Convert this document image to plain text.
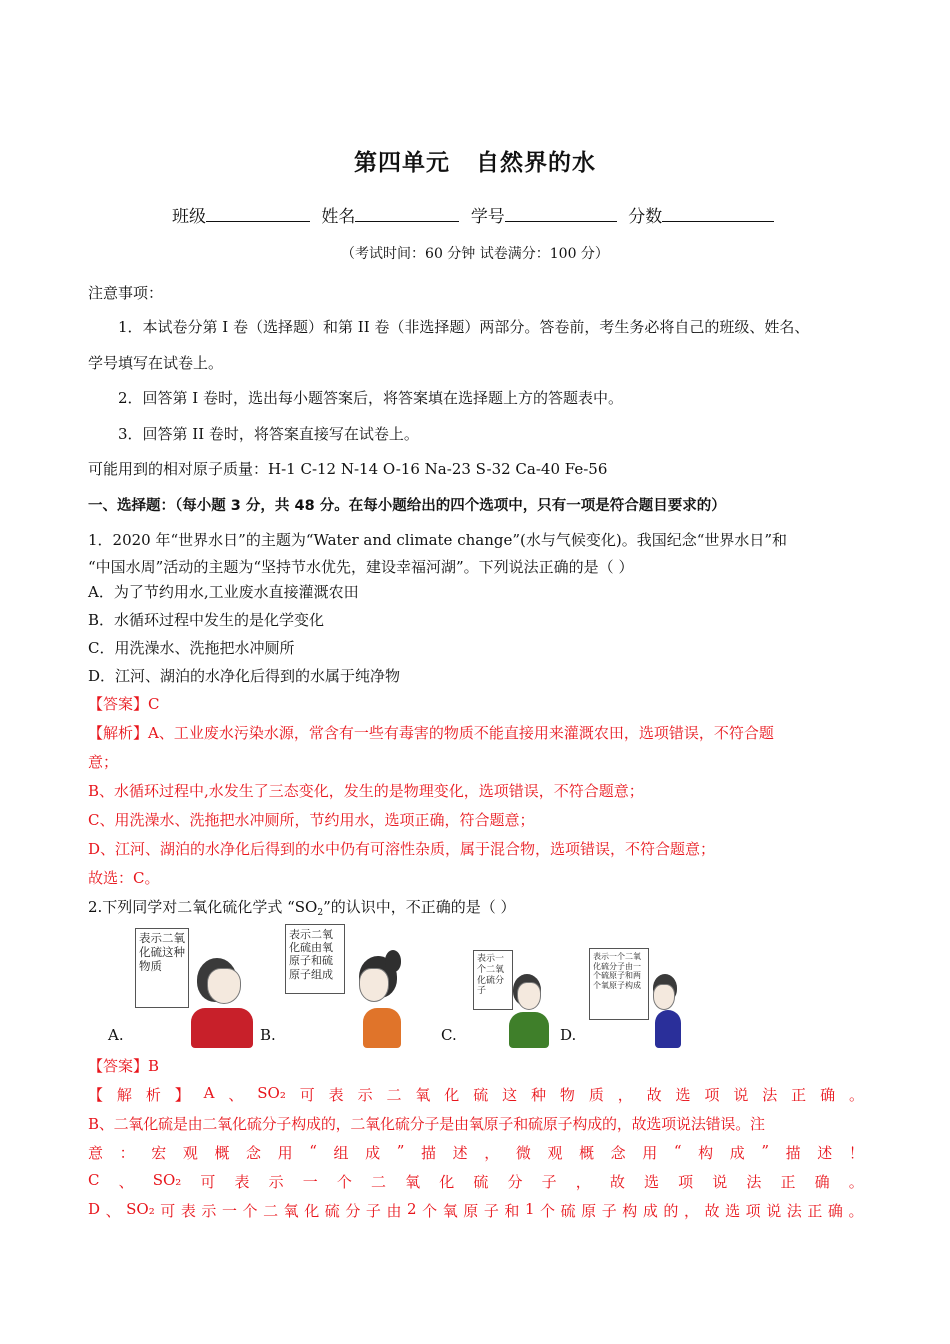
第四单元 自然界的水
班级	姓名	学号	分数
（考试时间：60 分钟 试卷满分：100 分）
注意事项：
1．本试卷分第 I 卷（选择题）和第 II 卷（非选择题）两部分。答卷前，考生务必将自己的班级、姓名、
学号填写在试卷上。
2．回答第 I 卷时，选出每小题答案后，将答案填在选择题上方的答题表中。
3．回答第 II 卷时，将答案直接写在试卷上。
可能用到的相对原子质量：H-1 C-12 N-14 O-16 Na-23 S-32 Ca-40 Fe-56
一、选择题：（每小题 3 分，共 48 分。在每小题给出的四个选项中，只有一项是符合题目要求的）
1．2020 年“世界水日”的主题为“Water and climate change”(水与气候变化)。我国纪念“世界水日”和
“中国水周”活动的主题为“坚持节水优先，建设幸福河湖”。下列说法正确的是（ ）
A．为了节约用水,工业废水直接灌溉农田
B．水循环过程中发生的是化学变化
C．用洗澡水、洗拖把水冲厕所
D．江河、湖泊的水净化后得到的水属于纯净物
【答案】C
【解析】A、工业废水污染水源，常含有一些有毒害的物质不能直接用来灌溉农田，选项错误，不符合题
意；
B、水循环过程中,水发生了三态变化，发生的是物理变化，选项错误，不符合题意；
C、用洗澡水、洗拖把水冲厕所，节约用水，选项正确，符合题意；
D、江河、湖泊的水净化后得到的水中仍有可溶性杂质，属于混合物，选项错误，不符合题意；
故选：C。
2.下列同学对二氧化硫化学式 “$SO_2$”的认识中，不正确的是（ ）
表示二氧化硫这种物质
A.
表示二氧化硫由氧原子和硫原子组成
B.
表示一个二氧化硫分子
C.
表示一个二氧化硫分子由一个硫原子和两个氧原子构成
D.
【答案】B
【 解 析 】 A 、 SO₂ 可 表 示 二 氧 化 硫 这 种 物 质 ， 故 选 项 说 法 正 确 。
B、二氧化硫是由二氧化硫分子构成的，二氧化硫分子是由氧原子和硫原子构成的，故选项说法错误。注
意 ： 宏 观 概 念 用 “ 组 成 ” 描 述 ， 微 观 概 念 用 “ 构 成 ” 描 述 ！
C 、 SO₂ 可 表 示 一 个 二 氧 化 硫 分 子 ， 故 选 项 说 法 正 确 。
D 、 SO₂ 可 表 示 一 个 二 氧 化 硫 分 子 由 2 个 氧 原 子 和 1 个 硫 原 子 构 成 的 ， 故 选 项 说 法 正 确 。
